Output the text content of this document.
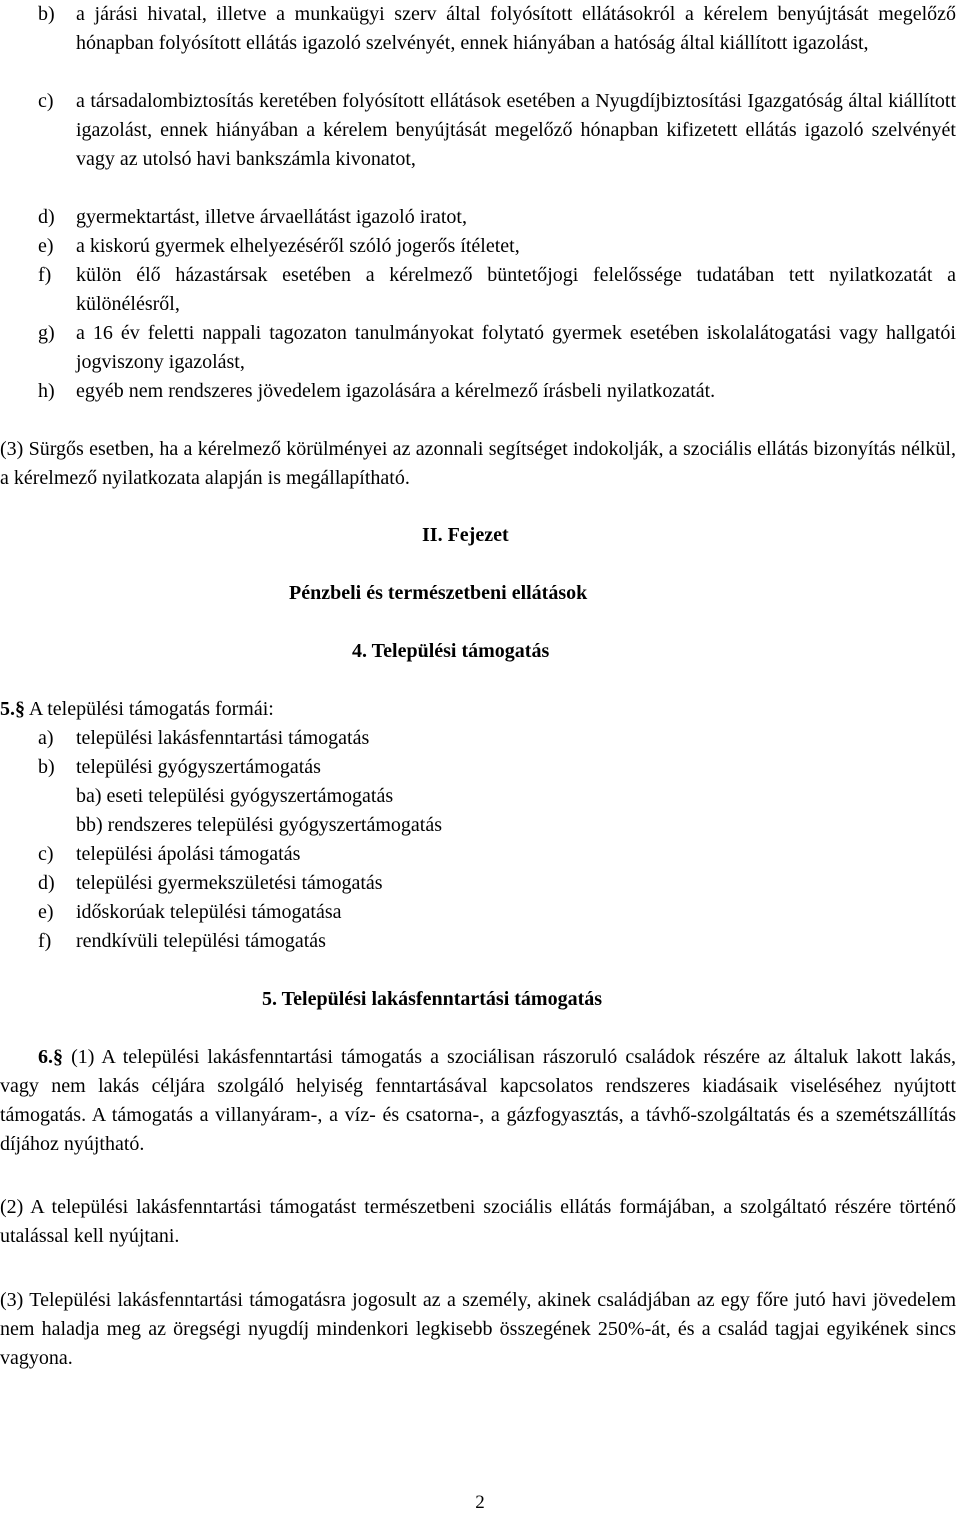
b)	a járási hivatal, illetve a munkaügyi szerv által folyósított ellátásokról a kérelem benyújtását megelőző hónapban folyósított ellátás igazoló szelvényét, ennek hiányában a hatóság által kiállított igazolást,
c)	a társadalombiztosítás keretében folyósított ellátások esetében a Nyugdíjbiztosítási Igazgatóság által kiállított igazolást, ennek hiányában a kérelem benyújtását megelőző hónapban kifizetett ellátás igazoló szelvényét vagy az utolsó havi bankszámla kivonatot,
d)	gyermektartást, illetve árvaellátást igazoló iratot,
e)	a kiskorú gyermek elhelyezéséről szóló jogerős ítéletet,
f)	külön élő házastársak esetében a kérelmező büntetőjogi felelőssége tudatában tett nyilatkozatát a különélésről,
g)	a 16 év feletti nappali tagozaton tanulmányokat folytató gyermek esetében iskolalátogatási vagy hallgatói jogviszony igazolást,
h)	egyéb nem rendszeres jövedelem igazolására a kérelmező írásbeli nyilatkozatát.
(3) Sürgős esetben, ha a kérelmező körülményei az azonnali segítséget indokolják, a szociális ellátás bizonyítás nélkül, a kérelmező nyilatkozata alapján is megállapítható.
II. Fejezet
Pénzbeli és természetbeni ellátások
4. Települési támogatás
5.§ A települési támogatás formái:
a) települési lakásfenntartási támogatás
b) települési gyógyszertámogatás
ba) eseti települési gyógyszertámogatás
bb) rendszeres települési gyógyszertámogatás
c) települési ápolási támogatás
d) települési gyermekszületési támogatás
e) időskorúak települési támogatása
f) rendkívüli települési támogatás
5. Települési lakásfenntartási támogatás
6.§ (1) A települési lakásfenntartási támogatás a szociálisan rászoruló családok részére az általuk lakott lakás, vagy nem lakás céljára szolgáló helyiség fenntartásával kapcsolatos rendszeres kiadásaik viseléséhez nyújtott támogatás. A támogatás a villanyáram-, a víz- és csatorna-, a gázfogyasztás, a távhő-szolgáltatás és a szemétszállítás díjához nyújtható.
(2) A települési lakásfenntartási támogatást természetbeni szociális ellátás formájában, a szolgáltató részére történő utalással kell nyújtani.
(3) Települési lakásfenntartási támogatásra jogosult az a személy, akinek családjában az egy főre jutó havi jövedelem nem haladja meg az öregségi nyugdíj mindenkori legkisebb összegének 250%-át, és a család tagjai egyikének sincs vagyona.
2
